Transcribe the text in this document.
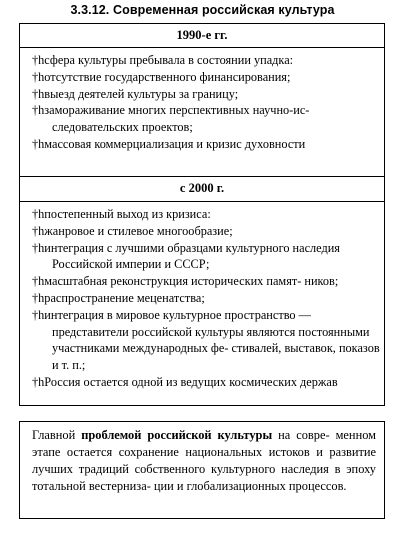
3.3.12. Современная российская культура
1990-е гг.
†hсфера культуры пребывала в состоянии упадка:
†hотсутствие государственного финансирования;
†hвыезд деятелей культуры за границу;
†hзамораживание многих перспективных научно-ис- следовательских проектов;
†hмассовая коммерциализация и кризис духовности
с 2000 г.
†hпостепенный выход из кризиса:
†hжанровое и стилевое многообразие;
†hинтеграция с лучшими образцами культурного наследия Российской империи и СССР;
†hмасштабная реконструкция исторических памят- ников;
†hраспространение меценатства;
†hинтеграция в мировое культурное пространство — представители российской культуры являются постоянными участниками международных фе- стивалей, выставок, показов и т. п.;
†hРоссия остается одной из ведущих космических держав
Главной проблемой российской культуры на совре- менном этапе остается сохранение национальных истоков и развитие лучших традиций собственного культурного наследия в эпоху тотальной вестерниза- ции и глобализационных процессов.
